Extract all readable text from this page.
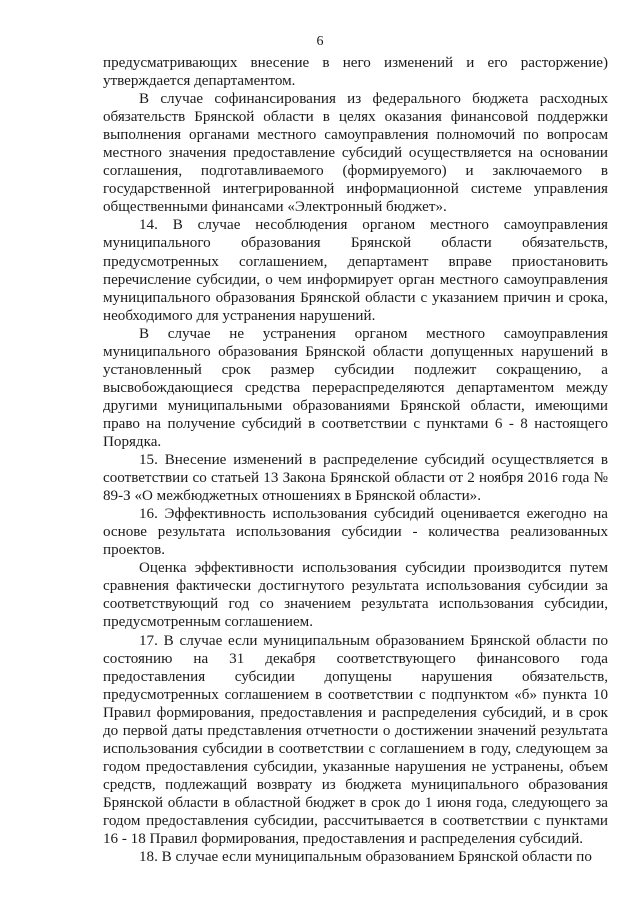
6

предусматривающих внесение в него изменений и его расторжение) утверждается департаментом.

В случае софинансирования из федерального бюджета расходных обязательств Брянской области в целях оказания финансовой поддержки выполнения органами местного самоуправления полномочий по вопросам местного значения предоставление субсидий осуществляется на основании соглашения, подготавливаемого (формируемого) и заключаемого в государственной интегрированной информационной системе управления общественными финансами «Электронный бюджет».

14. В случае несоблюдения органом местного самоуправления муниципального образования Брянской области обязательств, предусмотренных соглашением, департамент вправе приостановить перечисление субсидии, о чем информирует орган местного самоуправления муниципального образования Брянской области с указанием причин и срока, необходимого для устранения нарушений.

В случае не устранения органом местного самоуправления муниципального образования Брянской области допущенных нарушений в установленный срок размер субсидии подлежит сокращению, а высвобождающиеся средства перераспределяются департаментом между другими муниципальными образованиями Брянской области, имеющими право на получение субсидий в соответствии с пунктами 6 - 8 настоящего Порядка.

15. Внесение изменений в распределение субсидий осуществляется в соответствии со статьей 13 Закона Брянской области от 2 ноября 2016 года № 89-З «О межбюджетных отношениях в Брянской области».

16. Эффективность использования субсидий оценивается ежегодно на основе результата использования субсидии - количества реализованных проектов.

Оценка эффективности использования субсидии производится путем сравнения фактически достигнутого результата использования субсидии за соответствующий год со значением результата использования субсидии, предусмотренным соглашением.

17. В случае если муниципальным образованием Брянской области по состоянию на 31 декабря соответствующего финансового года предоставления субсидии допущены нарушения обязательств, предусмотренных соглашением в соответствии с подпунктом «б» пункта 10 Правил формирования, предоставления и распределения субсидий, и в срок до первой даты представления отчетности о достижении значений результата использования субсидии в соответствии с соглашением в году, следующем за годом предоставления субсидии, указанные нарушения не устранены, объем средств, подлежащий возврату из бюджета муниципального образования Брянской области в областной бюджет в срок до 1 июня года, следующего за годом предоставления субсидии, рассчитывается в соответствии с пунктами 16 - 18 Правил формирования, предоставления и распределения субсидий.

18. В случае если муниципальным образованием Брянской области по
